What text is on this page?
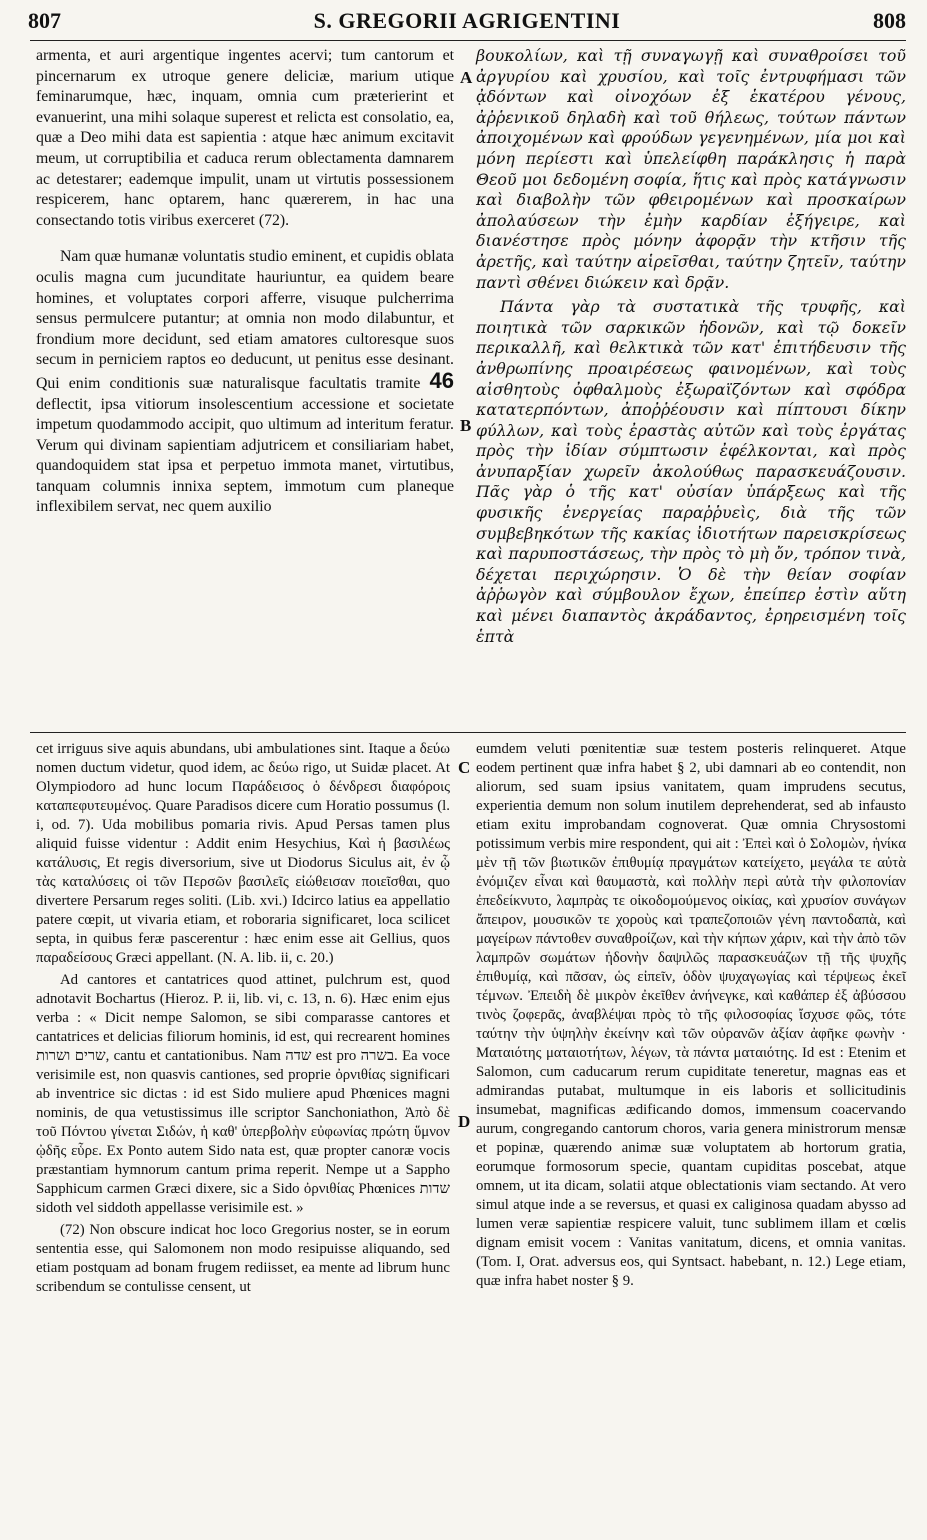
807	S. GREGORII AGRIGENTINI	808

armenta, et auri argentique ingentes acervi; tum cantorum et pincernarum ex utroque genere deliciæ, marium utique feminarumque, hæc, inquam, omnia cum præterierint et evanuerint, una mihi solaque superest et relicta est consolatio, ea, quæ a Deo mihi data est sapientia : atque hæc animum excitavit meum, ut corruptibilia et caduca rerum oblectamenta damnarem ac detestarer; eademque impulit, unam ut virtutis possessionem respicerem, hanc optarem, hanc quærerem, in hac una consectando totis viribus exerceret (72).

Nam quæ humanæ voluntatis studio eminent, et cupidis oblata oculis magna cum jucunditate hauriuntur, ea quidem beare homines, et voluptates corpori afferre, visuque pulcherrima sensus permulcere putantur; at omnia non modo dilabuntur, et frondium more decidunt, sed etiam amatores cultoresque suos secum in perniciem raptos eo deducunt, ut penitus esse desinant. Qui enim conditionis suæ naturalisque facultatis tramite 46 deflectit, ipsa vitiorum insolescentium accessione et societate impetum quodammodo accipit, quo ultimum ad interitum feratur. Verum qui divinam sapientiam adjutricem et consiliariam habet, quandoquidem stat ipsa et perpetuo immota manet, virtutibus, tanquam columnis innixa septem, immotum cum planeque inflexibilem servat, nec quem auxilio

A
B

βουκολίων, καὶ τῇ συναγωγῇ καὶ συναθροίσει τοῦ ἀργυρίου καὶ χρυσίου, καὶ τοῖς ἐντρυφήμασι τῶν ᾀδόντων καὶ οἰνοχόων ἐξ ἑκατέρου γένους, ἀῤῥενικοῦ δηλαδὴ καὶ τοῦ θήλεως, τούτων πάντων ἀποιχομένων καὶ φρούδων γεγενημένων, μία μοι καὶ μόνη περίεστι καὶ ὑπελείφθη παράκλησις ἡ παρὰ Θεοῦ μοι δεδομένη σοφία, ἥτις καὶ πρὸς κατάγνωσιν καὶ διαβολὴν τῶν φθειρομένων καὶ προσκαίρων ἀπολαύσεων τὴν ἐμὴν καρδίαν ἐξήγειρε, καὶ διανέστησε πρὸς μόνην ἀφορᾷν τὴν κτῆσιν τῆς ἀρετῆς, καὶ ταύτην αἱρεῖσθαι, ταύτην ζητεῖν, ταύτην παντὶ σθένει διώκειν καὶ δρᾷν.

Πάντα γὰρ τὰ συστατικὰ τῆς τρυφῆς, καὶ ποιητικὰ τῶν σαρκικῶν ἡδονῶν, καὶ τῷ δοκεῖν περικαλλῆ, καὶ θελκτικὰ τῶν κατ' ἐπιτήδευσιν τῆς ἀνθρωπίνης προαιρέσεως φαινομένων, καὶ τοὺς αἰσθητοὺς ὀφθαλμοὺς ἐξωραϊζόντων καὶ σφόδρα κατατερπόντων, ἀποῤῥέουσιν καὶ πίπτουσι δίκην φύλλων, καὶ τοὺς ἐραστὰς αὐτῶν καὶ τοὺς ἐργάτας πρὸς τὴν ἰδίαν σύμπτωσιν ἐφέλκονται, καὶ πρὸς ἀνυπαρξίαν χωρεῖν ἀκολούθως παρασκευάζουσιν. Πᾶς γὰρ ὁ τῆς κατ' οὐσίαν ὑπάρξεως καὶ τῆς φυσικῆς ἐνεργείας παραῤῥυεὶς, διὰ τῆς τῶν συμβεβηκότων τῆς κακίας ἰδιοτήτων παρεισκρίσεως καὶ παρυποστάσεως, τὴν πρὸς τὸ μὴ ὄν, τρόπον τινὰ, δέχεται περιχώρησιν. Ὁ δὲ τὴν θείαν σοφίαν ἀῤῥωγὸν καὶ σύμβουλον ἔχων, ἐπείπερ ἐστὶν αὕτη καὶ μένει διαπαντὸς ἀκράδαντος, ἐρηρεισμένη τοῖς ἑπτὰ

C
D

cet irriguus sive aquis abundans, ubi ambulationes sint. Itaque a δεύω nomen ductum videtur, quod idem, ac δεύω rigo, ut Suidæ placet. At Olympiodoro ad hunc locum Παράδεισος ὁ δένδρεσι διαφόροις καταπεφυτευμένος. Quare Paradisos dicere cum Horatio possumus (l. i, od. 7). Uda mobilibus pomaria rivis. Apud Persas tamen plus aliquid fuisse videntur : Addit enim Hesychius, Καὶ ἡ βασιλέως κατάλυσις, Et regis diversorium, sive ut Diodorus Siculus ait, ἐν ᾧ τὰς καταλύσεις οἱ τῶν Περσῶν βασιλεῖς εἰώθεισαν ποιεῖσθαι, quo divertere Persarum reges soliti. (Lib. xvi.) Idcirco latius ea appellatio patere cœpit, ut vivaria etiam, et roboraria significaret, loca scilicet septa, in quibus feræ pascerentur : hæc enim esse ait Gellius, quos παραδείσους Græci appellant. (N. A. lib. ii, c. 20.)

Ad cantores et cantatrices quod attinet, pulchrum est, quod adnotavit Bochartus (Hieroz. P. ii, lib. vi, c. 13, n. 6). Hæc enim ejus verba : « Dicit nempe Salomon, se sibi comparasse cantores et cantatrices et delicias filiorum hominis, id est, qui recrearent homines שרים ושרות, cantu et cantationibus. Nam שדה est pro בשרה. Ea voce verisimile est, non quasvis cantiones, sed proprie ὀρνιθίας significari ab inventrice sic dictas : id est Sido muliere apud Phœnices magni nominis, de qua vetustissimus ille scriptor Sanchoniathon, Ἀπὸ δὲ τοῦ Πόντου γίνεται Σιδών, ἡ καθ' ὑπερβολὴν εὐφωνίας πρώτη ὕμνον ᾠδῆς εὗρε. Ex Ponto autem Sido nata est, quæ propter canoræ vocis præstantiam hymnorum cantum prima reperit. Nempe ut a Sappho Sapphicum carmen Græci dixere, sic a Sido ὀρνιθίας Phœnices שדות sidoth vel siddoth appellasse verisimile est. »

(72) Non obscure indicat hoc loco Gregorius noster, se in eorum sententia esse, qui Salomonem non modo resipuisse aliquando, sed etiam postquam ad bonam frugem rediisset, ea mente ad librum hunc scribendum se contulisse censent, ut

eumdem veluti pœnitentiæ suæ testem posteris relinqueret. Atque eodem pertinent quæ infra habet § 2, ubi damnari ab eo contendit, non aliorum, sed suam ipsius vanitatem, quam imprudens secutus, experientia demum non solum inutilem deprehenderat, sed ab infausto etiam exitu improbandam cognoverat. Quæ omnia Chrysostomi potissimum verbis mire respondent, qui ait : Ἐπεὶ καὶ ὁ Σολομὼν, ἡνίκα μὲν τῇ τῶν βιωτικῶν ἐπιθυμίᾳ πραγμάτων κατείχετο, μεγάλα τε αὐτὰ ἐνόμιζεν εἶναι καὶ θαυμαστὰ, καὶ πολλὴν περὶ αὐτὰ τὴν φιλοπονίαν ἐπεδείκνυτο, λαμπρὰς τε οἰκοδομούμενος οἰκίας, καὶ χρυσίον συνάγων ἄπειρον, μουσικῶν τε χοροὺς καὶ τραπεζοποιῶν γένη παντοδαπὰ, καὶ μαγείρων πάντοθεν συναθροίζων, καὶ τὴν κήπων χάριν, καὶ τὴν ἀπὸ τῶν λαμπρῶν σωμάτων ἡδονὴν δαψιλῶς παρασκευάζων τῇ τῆς ψυχῆς ἐπιθυμίᾳ, καὶ πᾶσαν, ὡς εἰπεῖν, ὁδὸν ψυχαγωγίας καὶ τέρψεως ἐκεῖ τέμνων. Ἐπειδὴ δὲ μικρὸν ἐκεῖθεν ἀνήνεγκε, καὶ καθάπερ ἐξ ἀβύσσου τινὸς ζοφερᾶς, ἀναβλέψαι πρὸς τὸ τῆς φιλοσοφίας ἴσχυσε φῶς, τότε ταύτην τὴν ὑψηλὴν ἐκείνην καὶ τῶν οὐρανῶν ἀξίαν ἀφῆκε φωνὴν · Ματαιότης ματαιοτήτων, λέγων, τὰ πάντα ματαιότης. Id est : Etenim et Salomon, cum caducarum rerum cupiditate teneretur, magnas eas et admirandas putabat, multumque in eis laboris et sollicitudinis insumebat, magnificas ædificando domos, immensum coacervando aurum, congregando cantorum choros, varia genera ministrorum mensæ et popinæ, quærendo animæ suæ voluptatem ab hortorum gratia, eorumque formosorum specie, quantam cupiditas poscebat, atque omnem, ut ita dicam, solatii atque oblectationis viam sectando. At vero simul atque inde a se reversus, et quasi ex caliginosa quadam abysso ad lumen veræ sapientiæ respicere valuit, tunc sublimem illam et cœlis dignam emisit vocem : Vanitas vanitatum, dicens, et omnia vanitas. (Tom. I, Orat. adversus eos, qui Syntsact. habebant, n. 12.) Lege etiam, quæ infra habet noster § 9.
